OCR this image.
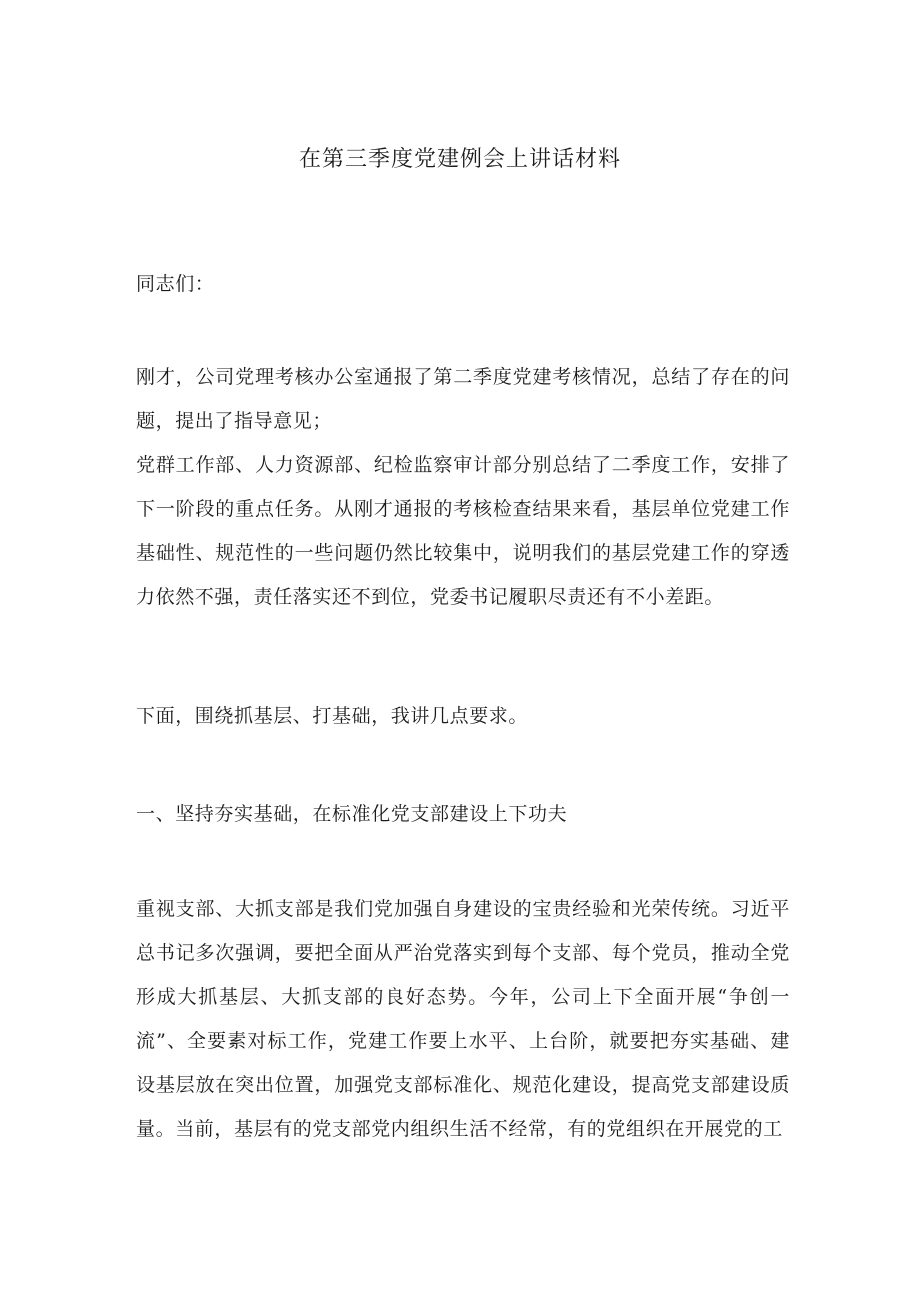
在第三季度党建例会上讲话材料
同志们：
刚才，公司党理考核办公室通报了第二季度党建考核情况，总结了存在的问题，提出了指导意见；
党群工作部、人力资源部、纪检监察审计部分别总结了二季度工作，安排了下一阶段的重点任务。从刚才通报的考核检查结果来看，基层单位党建工作基础性、规范性的一些问题仍然比较集中，说明我们的基层党建工作的穿透力依然不强，责任落实还不到位，党委书记履职尽责还有不小差距。
下面，围绕抓基层、打基础，我讲几点要求。
一、坚持夯实基础，在标准化党支部建设上下功夫
重视支部、大抓支部是我们党加强自身建设的宝贵经验和光荣传统。习近平总书记多次强调，要把全面从严治党落实到每个支部、每个党员，推动全党形成大抓基层、大抓支部的良好态势。今年，公司上下全面开展“争创一流”、全要素对标工作，党建工作要上水平、上台阶，就要把夯实基础、建设基层放在突出位置，加强党支部标准化、规范化建设，提高党支部建设质量。当前，基层有的党支部党内组织生活不经常，有的党组织在开展党的工
